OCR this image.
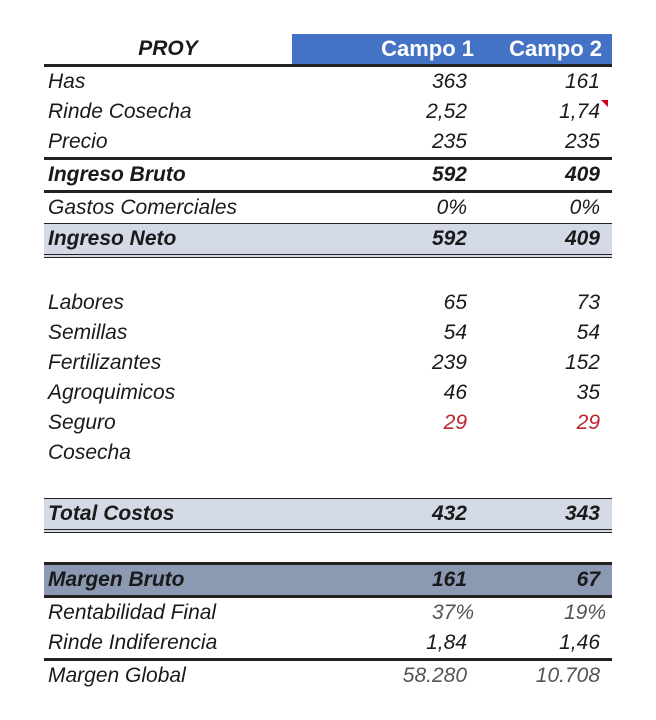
PROY	Campo 1 Campo 2
Has	363	161
Rinde Cosecha	2,52	1,74
Precio	235	235
Ingreso Bruto	592	409
Gastos Comerciales	0%	0%
Ingreso Neto	592	409
Labores	65	73
Semillas	54	54
Fertilizantes	239	152
Agroquimicos	46	35
Seguro	29	29
Cosecha
Total Costos	432	343
Margen Bruto	161	67
Rentabilidad Final	37%	19%
Rinde Indiferencia	1,84	1,46
Margen Global	58.280	10.708
